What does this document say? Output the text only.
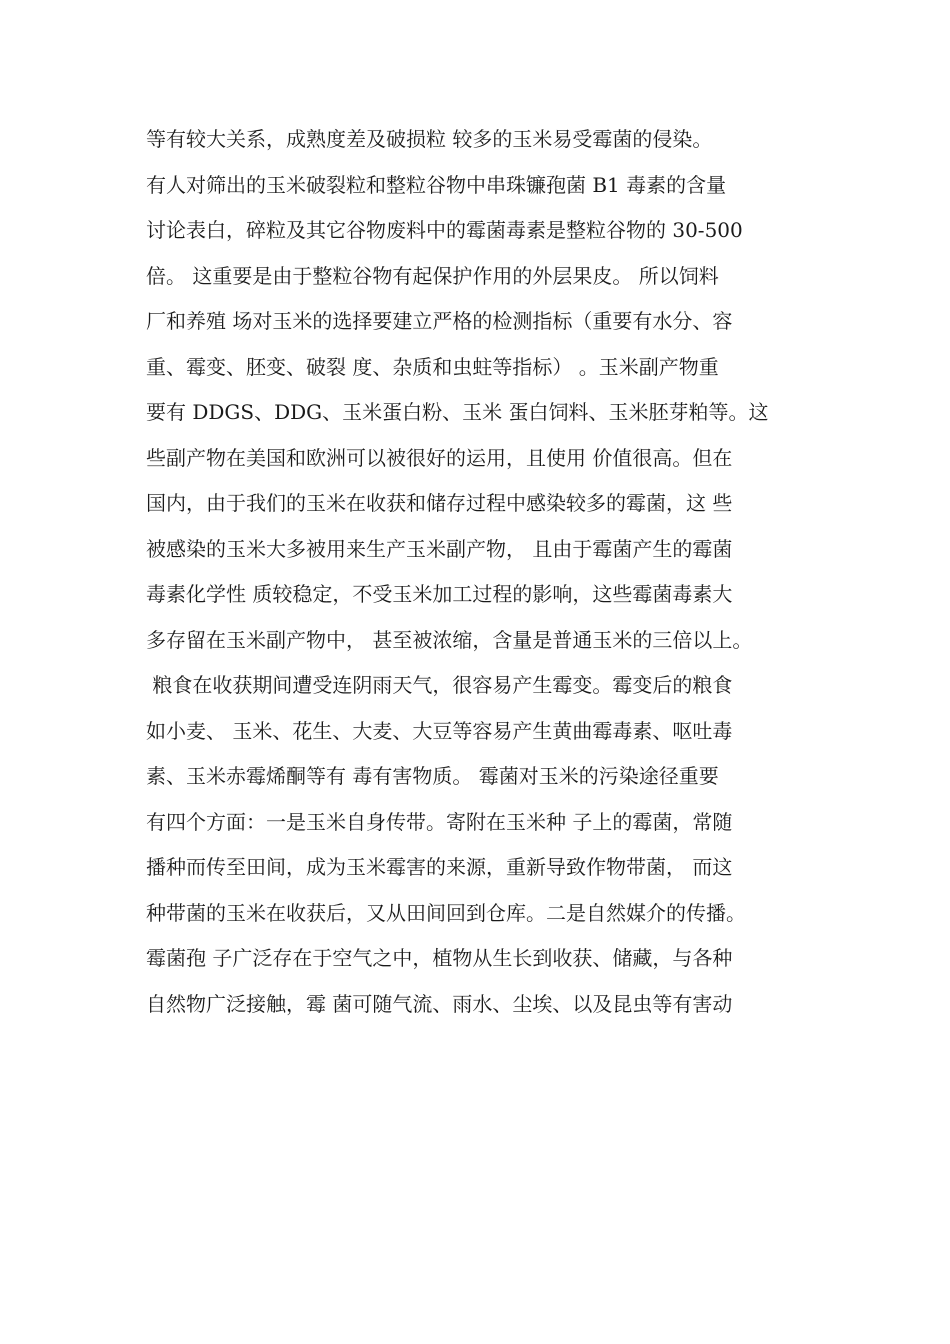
等有较大关系，成熟度差及破损粒 较多的玉米易受霉菌的侵染。
有人对筛出的玉米破裂粒和整粒谷物中串珠镰孢菌 B1 毒素的含量
讨论表白，碎粒及其它谷物废料中的霉菌毒素是整粒谷物的 30-500
倍。 这重要是由于整粒谷物有起保护作用的外层果皮。 所以饲料
厂和养殖 场对玉米的选择要建立严格的检测指标（重要有水分、容
重、霉变、胚变、破裂 度、杂质和虫蛀等指标） 。玉米副产物重
要有 DDGS、DDG、玉米蛋白粉、玉米 蛋白饲料、玉米胚芽粕等。这
些副产物在美国和欧洲可以被很好的运用，且使用 价值很高。但在
国内，由于我们的玉米在收获和储存过程中感染较多的霉菌，这 些
被感染的玉米大多被用来生产玉米副产物， 且由于霉菌产生的霉菌
毒素化学性 质较稳定，不受玉米加工过程的影响，这些霉菌毒素大
多存留在玉米副产物中， 甚至被浓缩，含量是普通玉米的三倍以上。
粮食在收获期间遭受连阴雨天气，很容易产生霉变。霉变后的粮食
如小麦、 玉米、花生、大麦、大豆等容易产生黄曲霉毒素、呕吐毒
素、玉米赤霉烯酮等有 毒有害物质。 霉菌对玉米的污染途径重要
有四个方面：一是玉米自身传带。寄附在玉米种 子上的霉菌，常随
播种而传至田间，成为玉米霉害的来源，重新导致作物带菌， 而这
种带菌的玉米在收获后，又从田间回到仓库。二是自然媒介的传播。
霉菌孢 子广泛存在于空气之中，植物从生长到收获、储藏，与各种
自然物广泛接触，霉 菌可随气流、雨水、尘埃、以及昆虫等有害动
